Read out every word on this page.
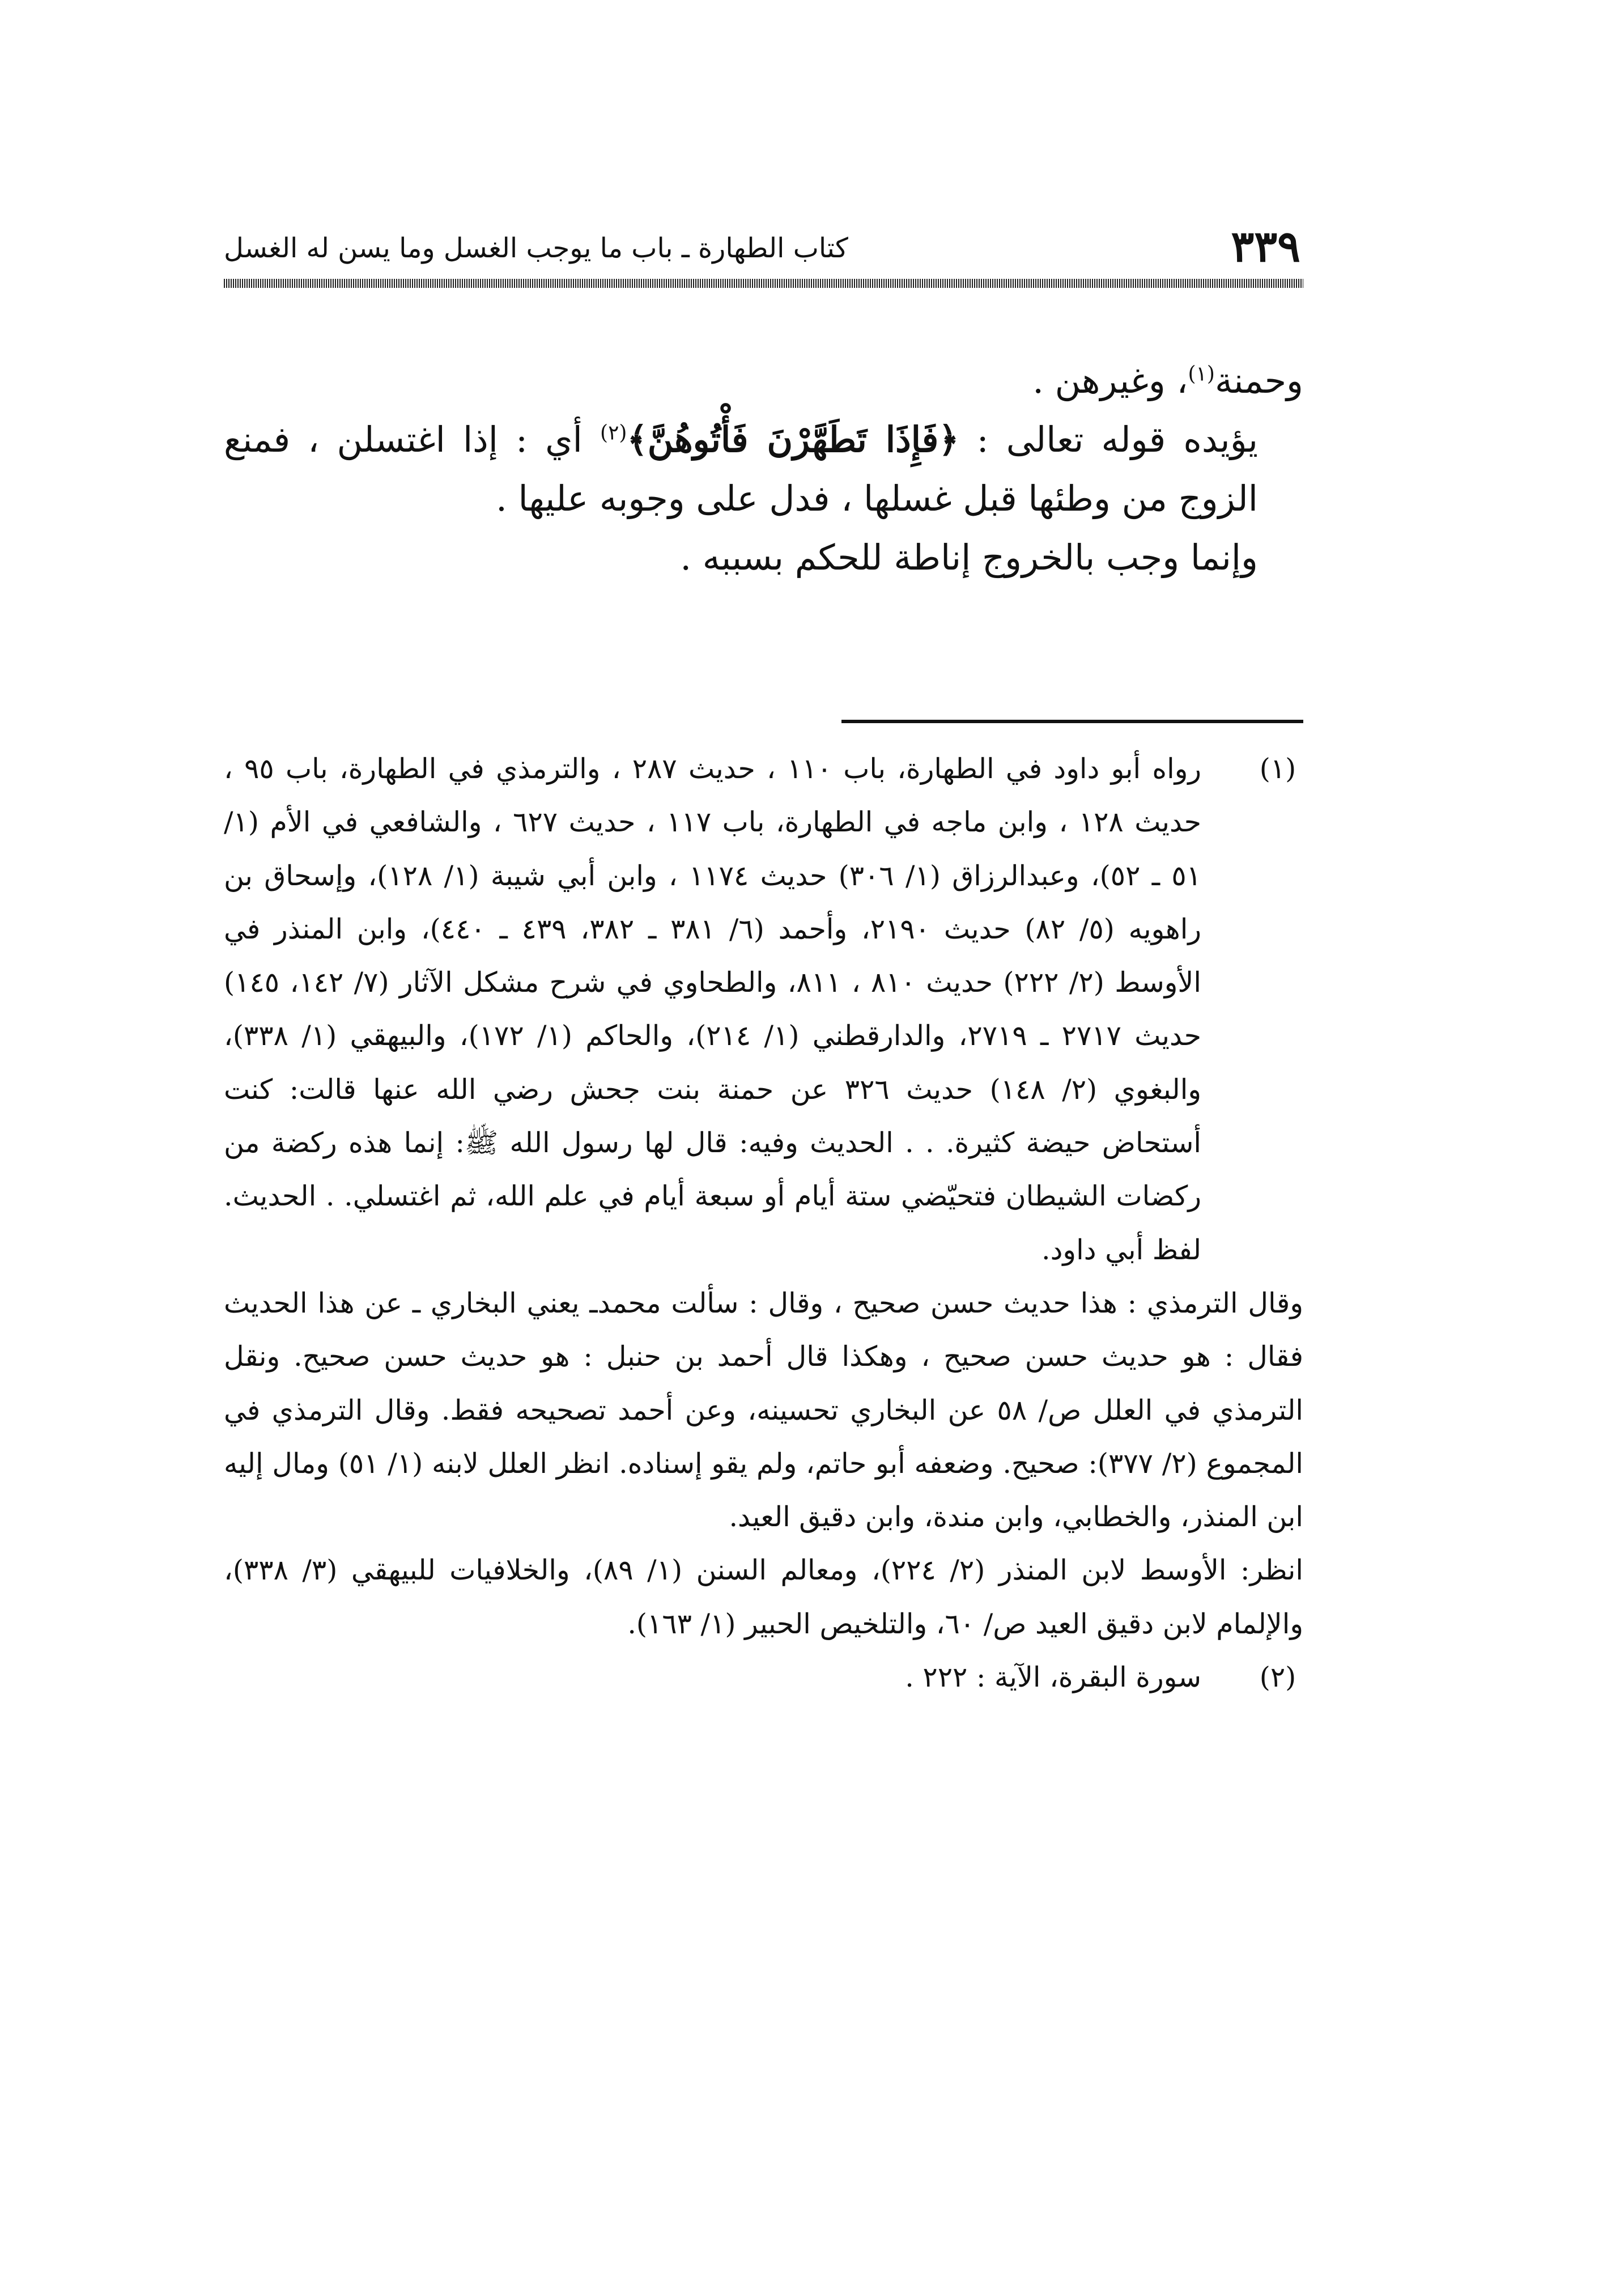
٣٣٩
كتاب الطهارة ـ باب ما يوجب الغسل وما يسن له الغسل

وحمنة$^{(١)}$، وغيرهن .

يؤيده قوله تعالى : ﴿فَإِذَا تَطَهَّرْنَ فَأْتُوهُنَّ﴾$^{(٢)}$ أي : إذا اغتسلن ، فمنع الزوج من وطئها قبل غسلها ، فدل على وجوبه عليها .

وإنما وجب بالخروج إناطة للحكم بسببه .

(١)

رواه أبو داود في الطهارة، باب ١١٠ ، حديث ٢٨٧ ، والترمذي في الطهارة، باب ٩٥ ، حديث ١٢٨ ، وابن ماجه في الطهارة، باب ١١٧ ، حديث ٦٢٧ ، والشافعي في الأم (١/ ٥١ ـ ٥٢)، وعبدالرزاق (١/ ٣٠٦) حديث ١١٧٤ ، وابن أبي شيبة (١/ ١٢٨)، وإسحاق بن راهويه (٥/ ٨٢) حديث ٢١٩٠، وأحمد (٦/ ٣٨١ ـ ٣٨٢، ٤٣٩ ـ ٤٤٠)، وابن المنذر في الأوسط (٢/ ٢٢٢) حديث ٨١٠ ، ٨١١، والطحاوي في شرح مشكل الآثار (٧/ ١٤٢، ١٤٥) حديث ٢٧١٧ ـ ٢٧١٩، والدارقطني (١/ ٢١٤)، والحاكم (١/ ١٧٢)، والبيهقي (١/ ٣٣٨)، والبغوي (٢/ ١٤٨) حديث ٣٢٦ عن حمنة بنت جحش رضي الله عنها قالت: كنت أستحاض حيضة كثيرة. . . الحديث وفيه: قال لها رسول الله ﷺ: إنما هذه ركضة من ركضات الشيطان فتحيّضي ستة أيام أو سبعة أيام في علم الله، ثم اغتسلي. . الحديث. لفظ أبي داود.

وقال الترمذي : هذا حديث حسن صحيح ، وقال : سألت محمدـ يعني البخاري ـ عن هذا الحديث فقال : هو حديث حسن صحيح ، وهكذا قال أحمد بن حنبل : هو حديث حسن صحيح. ونقل الترمذي في العلل ص/ ٥٨ عن البخاري تحسينه، وعن أحمد تصحيحه فقط. وقال الترمذي في المجموع (٢/ ٣٧٧): صحيح. وضعفه أبو حاتم، ولم يقو إسناده. انظر العلل لابنه (١/ ٥١) ومال إليه ابن المنذر، والخطابي، وابن مندة، وابن دقيق العيد.

انظر: الأوسط لابن المنذر (٢/ ٢٢٤)، ومعالم السنن (١/ ٨٩)، والخلافيات للبيهقي (٣/ ٣٣٨)، والإلمام لابن دقيق العيد ص/ ٦٠، والتلخيص الحبير (١/ ١٦٣).

(٢)

سورة البقرة، الآية : ٢٢٢ .
